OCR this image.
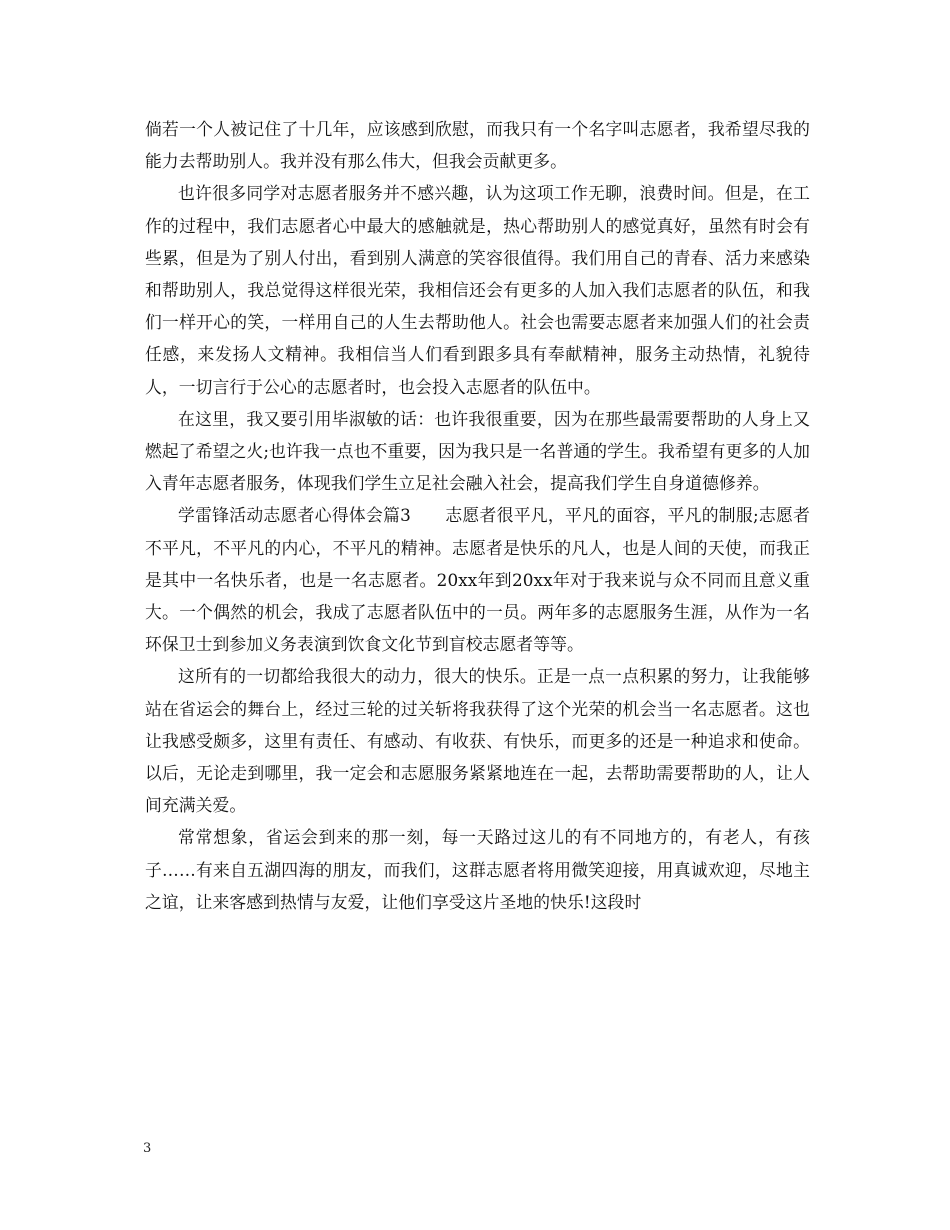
倘若一个人被记住了十几年，应该感到欣慰，而我只有一个名字叫志愿者，我希望尽我的能力去帮助别人。我并没有那么伟大，但我会贡献更多。

也许很多同学对志愿者服务并不感兴趣，认为这项工作无聊，浪费时间。但是，在工作的过程中，我们志愿者心中最大的感触就是，热心帮助别人的感觉真好，虽然有时会有些累，但是为了别人付出，看到别人满意的笑容很值得。我们用自己的青春、活力来感染和帮助别人，我总觉得这样很光荣，我相信还会有更多的人加入我们志愿者的队伍，和我们一样开心的笑，一样用自己的人生去帮助他人。社会也需要志愿者来加强人们的社会责任感，来发扬人文精神。我相信当人们看到跟多具有奉献精神，服务主动热情，礼貌待人，一切言行于公心的志愿者时，也会投入志愿者的队伍中。

在这里，我又要引用毕淑敏的话：也许我很重要，因为在那些最需要帮助的人身上又燃起了希望之火;也许我一点也不重要，因为我只是一名普通的学生。我希望有更多的人加入青年志愿者服务，体现我们学生立足社会融入社会，提高我们学生自身道德修养。

学雷锋活动志愿者心得体会篇3　　志愿者很平凡，平凡的面容，平凡的制服;志愿者不平凡，不平凡的内心，不平凡的精神。志愿者是快乐的凡人，也是人间的天使，而我正是其中一名快乐者，也是一名志愿者。20xx年到20xx年对于我来说与众不同而且意义重大。一个偶然的机会，我成了志愿者队伍中的一员。两年多的志愿服务生涯，从作为一名环保卫士到参加义务表演到饮食文化节到盲校志愿者等等。

这所有的一切都给我很大的动力，很大的快乐。正是一点一点积累的努力，让我能够站在省运会的舞台上，经过三轮的过关斩将我获得了这个光荣的机会当一名志愿者。这也让我感受颇多，这里有责任、有感动、有收获、有快乐，而更多的还是一种追求和使命。以后，无论走到哪里，我一定会和志愿服务紧紧地连在一起，去帮助需要帮助的人，让人间充满关爱。

常常想象，省运会到来的那一刻，每一天路过这儿的有不同地方的，有老人，有孩子……有来自五湖四海的朋友，而我们，这群志愿者将用微笑迎接，用真诚欢迎，尽地主之谊，让来客感到热情与友爱，让他们享受这片圣地的快乐!这段时

3
